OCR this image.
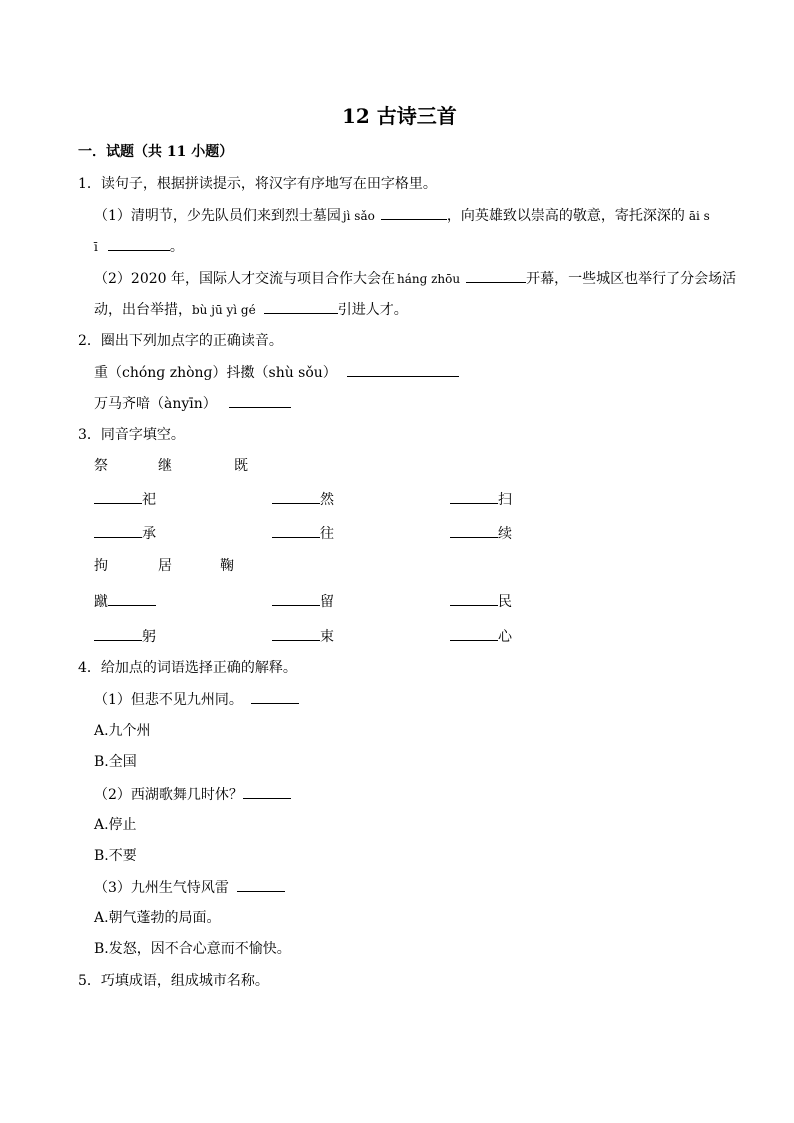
12 古诗三首
一．试题（共 11 小题）
1．读句子，根据拼读提示，将汉字有序地写在田字格里。
（1）清明节，少先队员们来到烈士墓园 jì sǎo	，向英雄致以崇高的敬意，寄托深深的 āi s
ī	。
（2）2020 年，国际人才交流与项目合作大会在 hánɡ zhōu	开幕，一些城区也举行了分会场活
动，出台举措，bù jū yì gé	引进人才。
2．圈出下列加点字的正确读音。
重（chónɡ zhònɡ）抖擞（shù sǒu）
万马齐喑（ànyīn）
3．同音字填空。
祭	继	既
祀	然	扫
承	往	续
拘	居	鞠
蹴	留	民
躬	束	心
4．给加点的词语选择正确的解释。
（1）但悲不见九州同。
A.九个州
B.全国
（2）西湖歌舞几时休？
A.停止
B.不要
（3）九州生气恃风雷
A.朝气蓬勃的局面。
B.发怒，因不合心意而不愉快。
5．巧填成语，组成城市名称。
